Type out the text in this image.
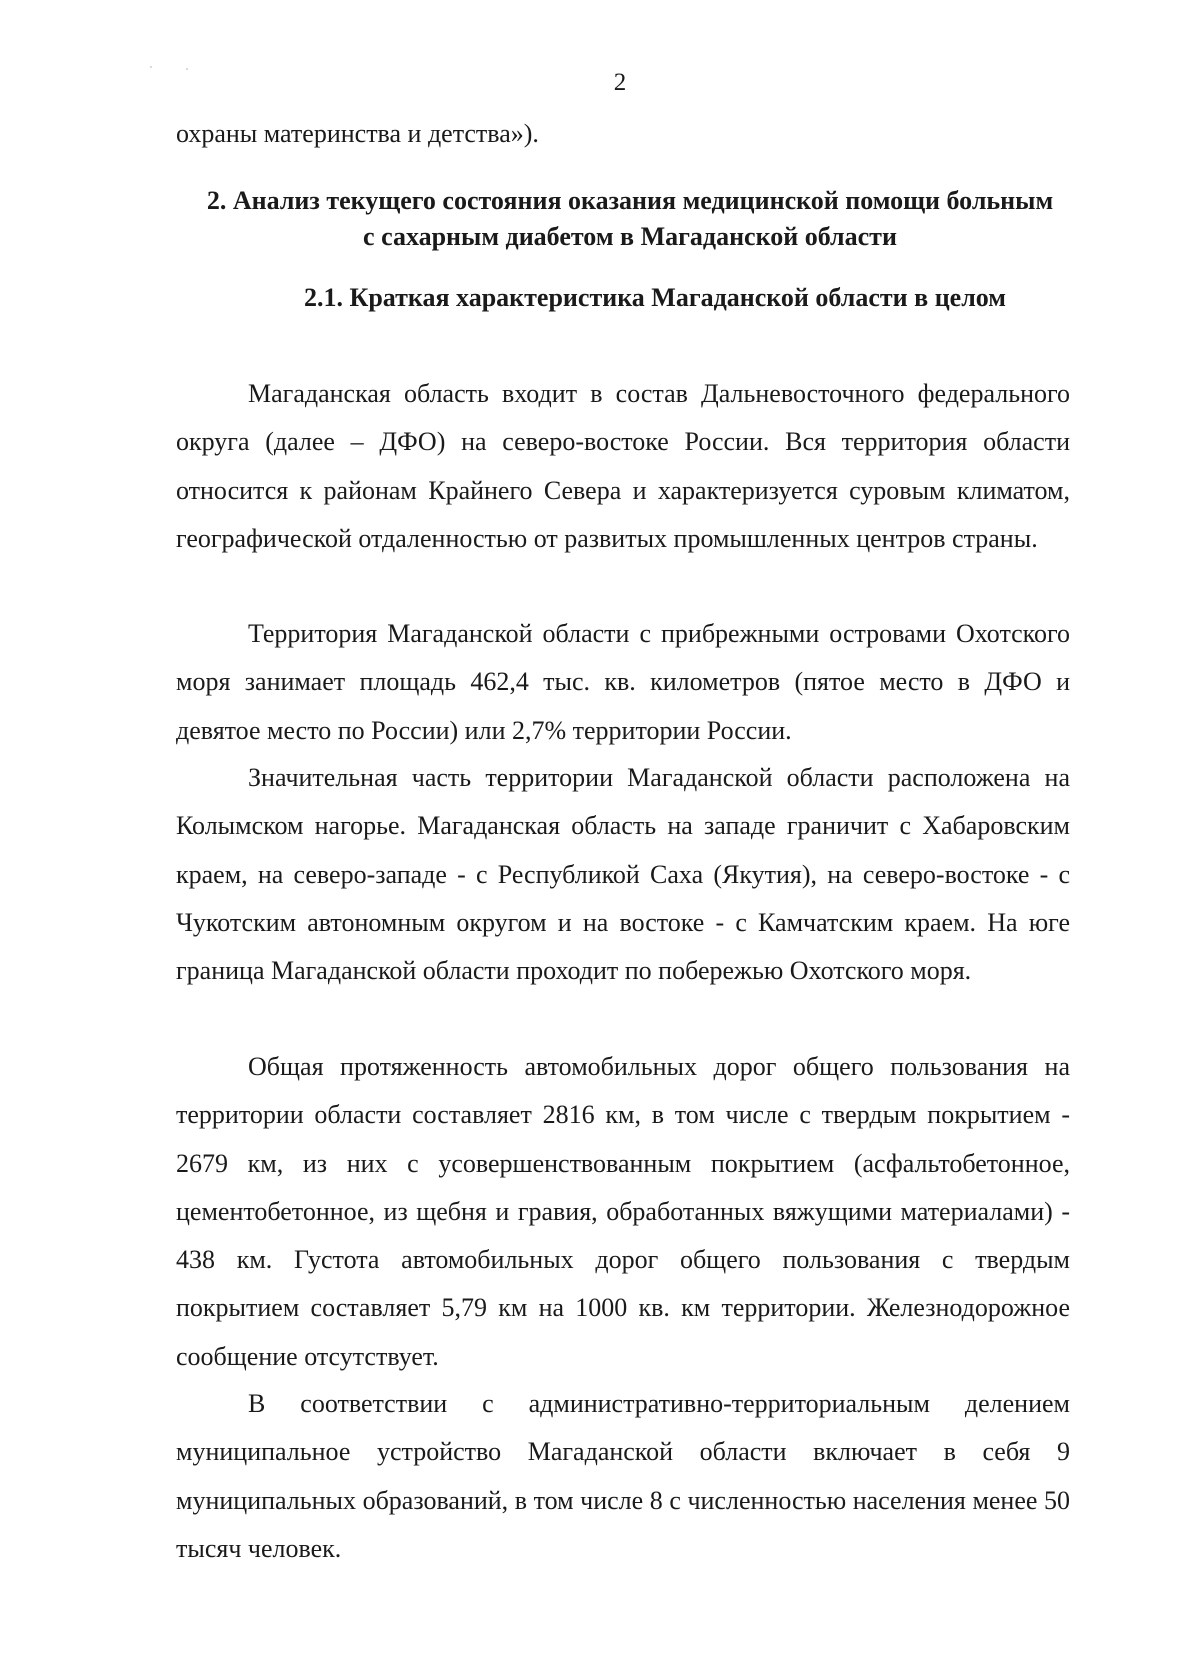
2
охраны материнства и детства»).
2. Анализ текущего состояния оказания медицинской помощи больным с сахарным диабетом в Магаданской области
2.1. Краткая характеристика Магаданской области в целом

Магаданская область входит в состав Дальневосточного федерального округа (далее – ДФО) на северо-востоке России. Вся территория области относится к районам Крайнего Севера и характеризуется суровым климатом, географической отдаленностью от развитых промышленных центров страны.

Территория Магаданской области с прибрежными островами Охотского моря занимает площадь 462,4 тыс. кв. километров (пятое место в ДФО и девятое место по России) или 2,7% территории России.

Значительная часть территории Магаданской области расположена на Колымском нагорье. Магаданская область на западе граничит с Хабаровским краем, на северо-западе - с Республикой Саха (Якутия), на северо-востоке - с Чукотским автономным округом и на востоке - с Камчатским краем. На юге граница Магаданской области проходит по побережью Охотского моря.

Общая протяженность автомобильных дорог общего пользования на территории области составляет 2816 км, в том числе с твердым покрытием - 2679 км, из них с усовершенствованным покрытием (асфальтобетонное, цементобетонное, из щебня и гравия, обработанных вяжущими материалами) - 438 км. Густота автомобильных дорог общего пользования с твердым покрытием составляет 5,79 км на 1000 кв. км территории. Железнодорожное сообщение отсутствует.

В соответствии с административно-территориальным делением муниципальное устройство Магаданской области включает в себя 9 муниципальных образований, в том числе 8 с численностью населения менее 50 тысяч человек.
